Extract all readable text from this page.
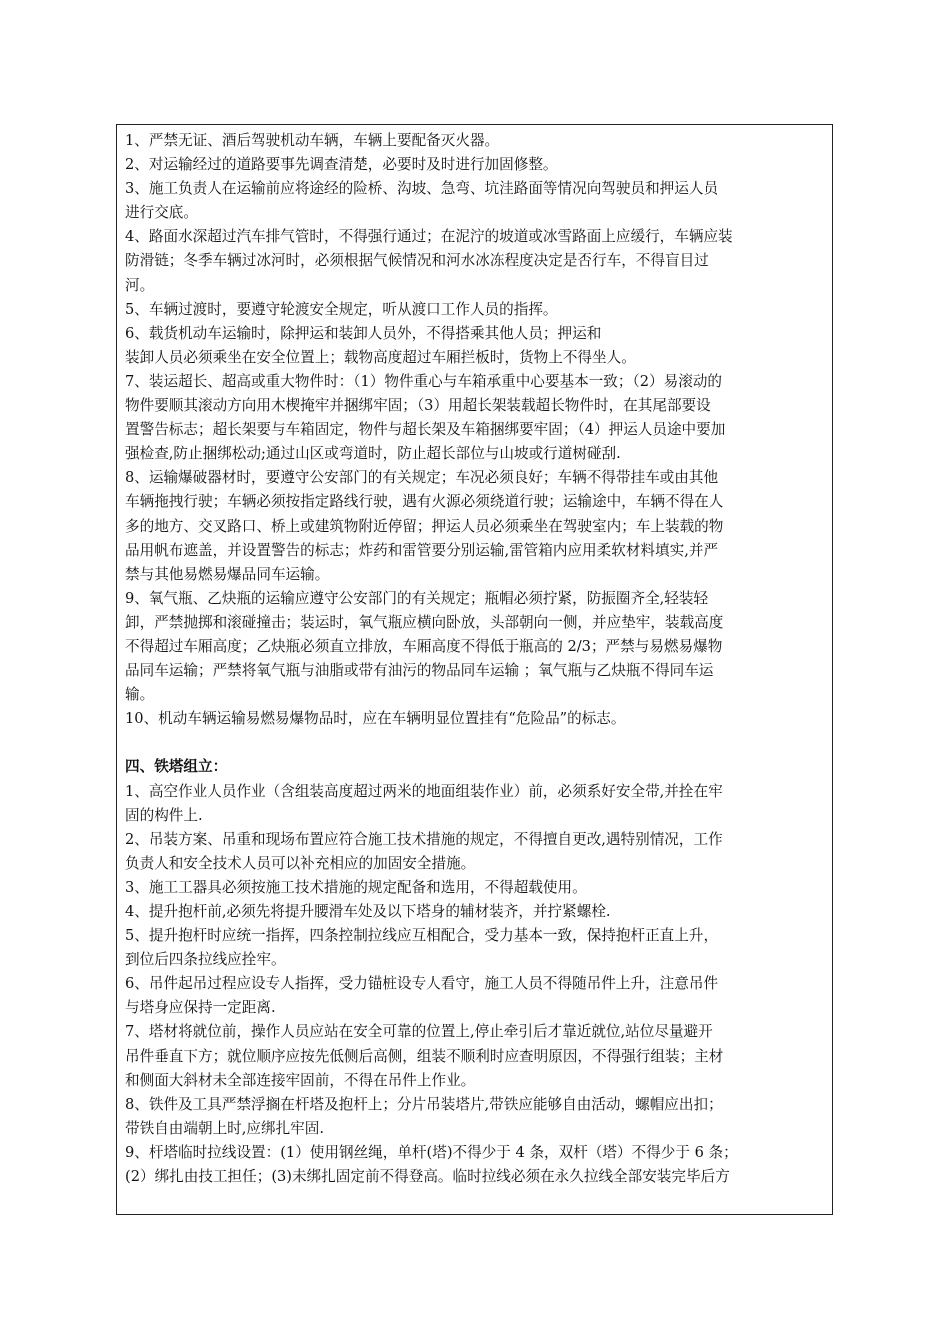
1、严禁无证、酒后驾驶机动车辆，车辆上要配备灭火器。
2、对运输经过的道路要事先调查清楚，必要时及时进行加固修整。
3、施工负责人在运输前应将途经的险桥、沟坡、急弯、坑洼路面等情况向驾驶员和押运人员
进行交底。
4、路面水深超过汽车排气管时，不得强行通过；在泥泞的坡道或冰雪路面上应缓行，车辆应装
防滑链；冬季车辆过冰河时，必须根据气候情况和河水冰冻程度决定是否行车，不得盲目过
河。
5、车辆过渡时，要遵守轮渡安全规定，听从渡口工作人员的指挥。
6、载货机动车运输时，除押运和装卸人员外，不得搭乘其他人员；押运和
装卸人员必须乘坐在安全位置上；载物高度超过车厢拦板时，货物上不得坐人。
7、装运超长、超高或重大物件时：（1）物件重心与车箱承重中心要基本一致；（2）易滚动的
物件要顺其滚动方向用木楔掩牢并捆绑牢固；（3）用超长架装载超长物件时，在其尾部要设
置警告标志；超长架要与车箱固定，物件与超长架及车箱捆绑要牢固；（4）押运人员途中要加
强检查,防止捆绑松动;通过山区或弯道时，防止超长部位与山坡或行道树碰刮.
8、运输爆破器材时，要遵守公安部门的有关规定；车况必须良好；车辆不得带挂车或由其他
车辆拖拽行驶；车辆必须按指定路线行驶，遇有火源必须绕道行驶；运输途中，车辆不得在人
多的地方、交叉路口、桥上或建筑物附近停留；押运人员必须乘坐在驾驶室内；车上装载的物
品用帆布遮盖，并设置警告的标志；炸药和雷管要分别运输,雷管箱内应用柔软材料填实,并严
禁与其他易燃易爆品同车运输。
9、氧气瓶、乙炔瓶的运输应遵守公安部门的有关规定；瓶帽必须拧紧，防振圈齐全,轻装轻
卸，严禁抛掷和滚碰撞击；装运时，氧气瓶应横向卧放，头部朝向一侧，并应垫牢，装载高度
不得超过车厢高度；乙炔瓶必须直立排放，车厢高度不得低于瓶高的 2/3；严禁与易燃易爆物
品同车运输；严禁将氧气瓶与油脂或带有油污的物品同车运输 ；氧气瓶与乙炔瓶不得同车运
输。
10、机动车辆运输易燃易爆物品时，应在车辆明显位置挂有“危险品”的标志。
四、铁塔组立：
1、高空作业人员作业（含组装高度超过两米的地面组装作业）前，必须系好安全带,并拴在牢
固的构件上.
2、吊装方案、吊重和现场布置应符合施工技术措施的规定，不得擅自更改,遇特别情况，工作
负责人和安全技术人员可以补充相应的加固安全措施。
3、施工工器具必须按施工技术措施的规定配备和选用，不得超载使用。
4、提升抱杆前,必须先将提升腰滑车处及以下塔身的辅材装齐，并拧紧螺栓.
5、提升抱杆时应统一指挥，四条控制拉线应互相配合，受力基本一致，保持抱杆正直上升，
到位后四条拉线应拴牢。
6、吊件起吊过程应设专人指挥，受力锚桩设专人看守，施工人员不得随吊件上升，注意吊件
与塔身应保持一定距离.
7、塔材将就位前，操作人员应站在安全可靠的位置上,停止牵引后才靠近就位,站位尽量避开
吊件垂直下方；就位顺序应按先低侧后高侧，组装不顺利时应查明原因，不得强行组装；主材
和侧面大斜材未全部连接牢固前，不得在吊件上作业。
8、铁件及工具严禁浮搁在杆塔及抱杆上；分片吊装塔片,带铁应能够自由活动，螺帽应出扣；
带铁自由端朝上时,应绑扎牢固.
9、杆塔临时拉线设置：(1）使用钢丝绳，单杆(塔)不得少于 4 条，双杆（塔）不得少于 6 条；
(2）绑扎由技工担任；(3)未绑扎固定前不得登高。临时拉线必须在永久拉线全部安装完毕后方
